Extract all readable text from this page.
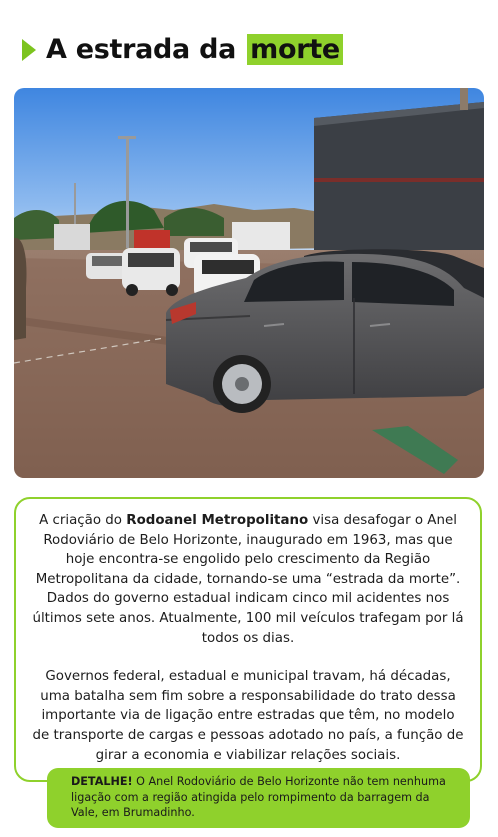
A estrada da morte

A criação do Rodoanel Metropolitano visa desafogar o Anel Rodoviário de Belo Horizonte, inaugurado em 1963, mas que hoje encontra-se engolido pelo crescimento da Região Metropolitana da cidade, tornando-se uma “estrada da morte”. Dados do governo estadual indicam cinco mil acidentes nos últimos sete anos. Atualmente, 100 mil veículos trafegam por lá todos os dias.

Governos federal, estadual e municipal travam, há décadas, uma batalha sem fim sobre a responsabilidade do trato dessa importante via de ligação entre estradas que têm, no modelo de transporte de cargas e pessoas adotado no país, a função de girar a economia e viabilizar relações sociais.

DETALHE! O Anel Rodoviário de Belo Horizonte não tem nenhuma ligação com a região atingida pelo rompimento da barragem da Vale, em Brumadinho.
